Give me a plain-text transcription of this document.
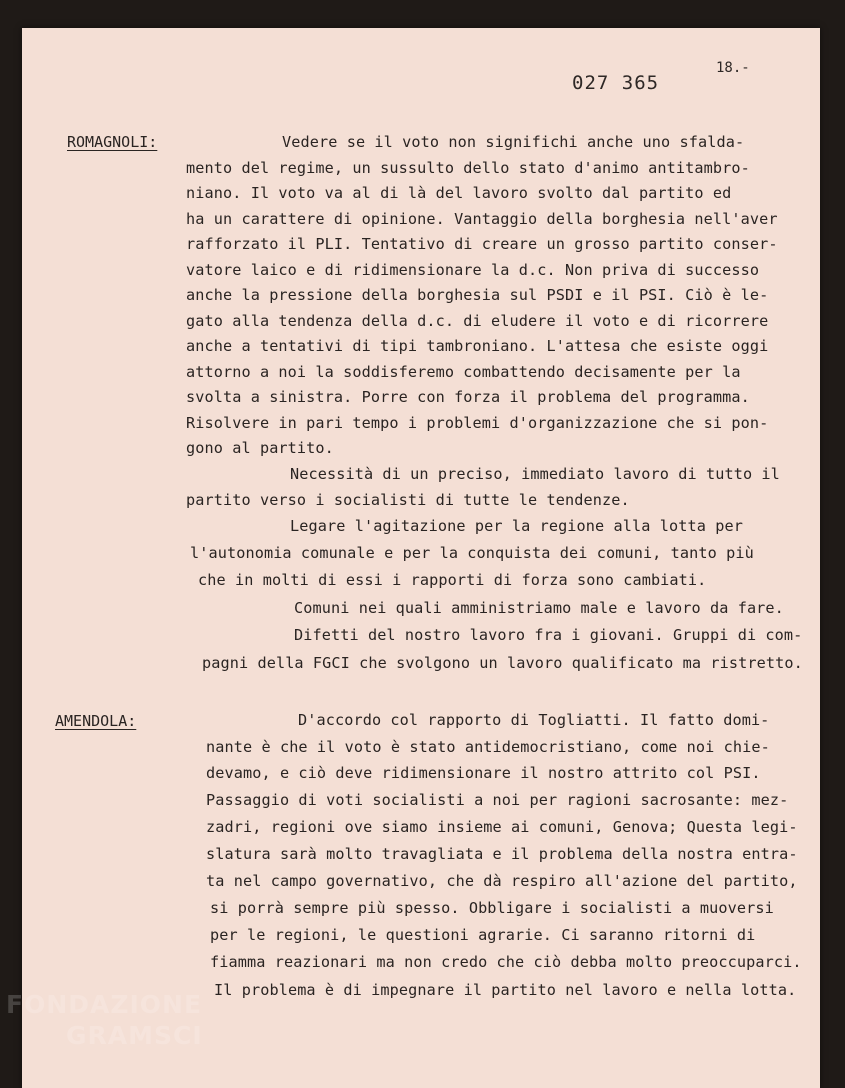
027 365
18.-
ROMAGNOLI:	Vedere se il voto non significhi anche uno sfalda-
mento del regime, un sussulto dello stato d'animo antitambro-
niano. Il voto va al di là del lavoro svolto dal partito ed
ha un carattere di opinione. Vantaggio della borghesia nell'aver
rafforzato il PLI. Tentativo di creare un grosso partito conser-
vatore laico e di ridimensionare la d.c. Non priva di successo
anche la pressione della borghesia sul PSDI e il PSI. Ciò è le-
gato alla tendenza della d.c. di eludere il voto e di ricorrere
anche a tentativi di tipi tambroniano. L'attesa che esiste oggi
attorno a noi la soddisferemo combattendo decisamente per la
svolta a sinistra. Porre con forza il problema del programma.
Risolvere in pari tempo i problemi d'organizzazione che si pon-
gono al partito.
Necessità di un preciso, immediato lavoro di tutto il
partito verso i socialisti di tutte le tendenze.
Legare l'agitazione per la regione alla lotta per
l'autonomia comunale e per la conquista dei comuni, tanto più
che in molti di essi i rapporti di forza sono cambiati.
Comuni nei quali amministriamo male e lavoro da fare.
Difetti del nostro lavoro fra i giovani. Gruppi di com-
pagni della FGCI che svolgono un lavoro qualificato ma ristretto.
AMENDOLA:	D'accordo col rapporto di Togliatti. Il fatto domi-
nante è che il voto è stato antidemocristiano, come noi chie-
devamo, e ciò deve ridimensionare il nostro attrito col PSI.
Passaggio di voti socialisti a noi per ragioni sacrosante: mez-
zadri, regioni ove siamo insieme ai comuni, Genova; Questa legi-
slatura sarà molto travagliata e il problema della nostra entra-
ta nel campo governativo, che dà respiro all'azione del partito,
si porrà sempre più spesso. Obbligare i socialisti a muoversi
per le regioni, le questioni agrarie. Ci saranno ritorni di
fiamma reazionari ma non credo che ciò debba molto preoccuparci.
Il problema è di impegnare il partito nel lavoro e nella lotta.
FONDAZIONE
GRAMSCI
